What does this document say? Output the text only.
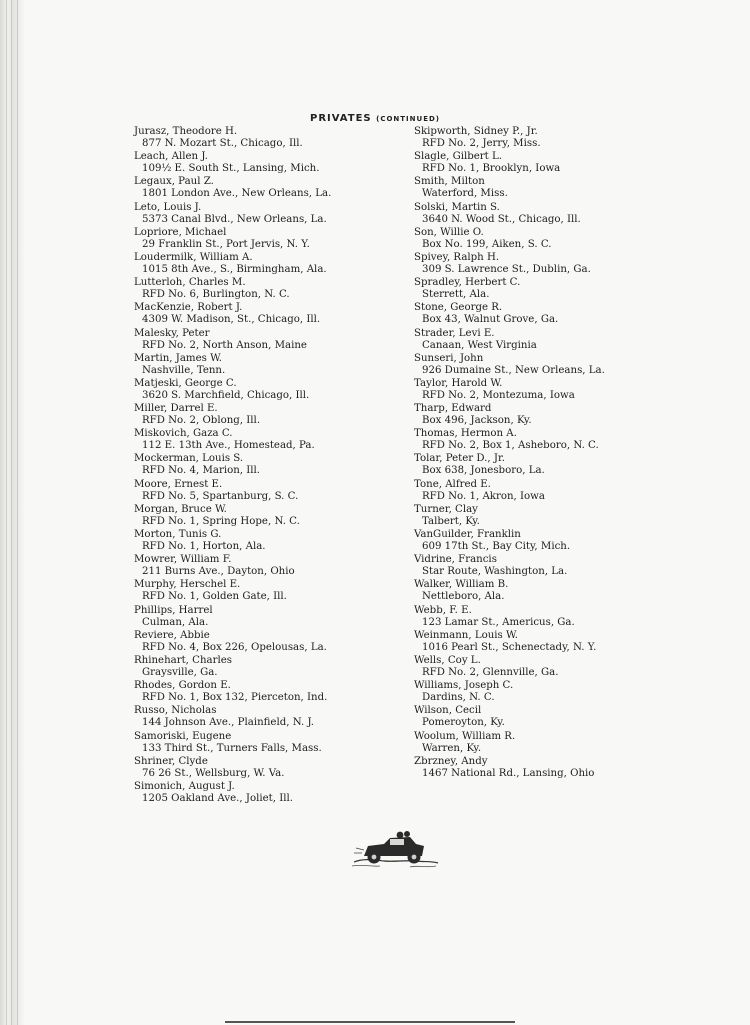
PRIVATES (CONTINUED)
Jurasz, Theodore H.
877 N. Mozart St., Chicago, Ill.
Leach, Allen J.
109½ E. South St., Lansing, Mich.
Legaux, Paul Z.
1801 London Ave., New Orleans, La.
Leto, Louis J.
5373 Canal Blvd., New Orleans, La.
Lopriore, Michael
29 Franklin St., Port Jervis, N. Y.
Loudermilk, William A.
1015 8th Ave., S., Birmingham, Ala.
Lutterloh, Charles M.
RFD No. 6, Burlington, N. C.
MacKenzie, Robert J.
4309 W. Madison, St., Chicago, Ill.
Malesky, Peter
RFD No. 2, North Anson, Maine
Martin, James W.
Nashville, Tenn.
Matjeski, George C.
3620 S. Marchfield, Chicago, Ill.
Miller, Darrel E.
RFD No. 2, Oblong, Ill.
Miskovich, Gaza C.
112 E. 13th Ave., Homestead, Pa.
Mockerman, Louis S.
RFD No. 4, Marion, Ill.
Moore, Ernest E.
RFD No. 5, Spartanburg, S. C.
Morgan, Bruce W.
RFD No. 1, Spring Hope, N. C.
Morton, Tunis G.
RFD No. 1, Horton, Ala.
Mowrer, William F.
211 Burns Ave., Dayton, Ohio
Murphy, Herschel E.
RFD No. 1, Golden Gate, Ill.
Phillips, Harrel
Culman, Ala.
Reviere, Abbie
RFD No. 4, Box 226, Opelousas, La.
Rhinehart, Charles
Graysville, Ga.
Rhodes, Gordon E.
RFD No. 1, Box 132, Pierceton, Ind.
Russo, Nicholas
144 Johnson Ave., Plainfield, N. J.
Samoriski, Eugene
133 Third St., Turners Falls, Mass.
Shriner, Clyde
76 26 St., Wellsburg, W. Va.
Simonich, August J.
1205 Oakland Ave., Joliet, Ill.
Skipworth, Sidney P., Jr.
RFD No. 2, Jerry, Miss.
Slagle, Gilbert L.
RFD No. 1, Brooklyn, Iowa
Smith, Milton
Waterford, Miss.
Solski, Martin S.
3640 N. Wood St., Chicago, Ill.
Son, Willie O.
Box No. 199, Aiken, S. C.
Spivey, Ralph H.
309 S. Lawrence St., Dublin, Ga.
Spradley, Herbert C.
Sterrett, Ala.
Stone, George R.
Box 43, Walnut Grove, Ga.
Strader, Levi E.
Canaan, West Virginia
Sunseri, John
926 Dumaine St., New Orleans, La.
Taylor, Harold W.
RFD No. 2, Montezuma, Iowa
Tharp, Edward
Box 496, Jackson, Ky.
Thomas, Hermon A.
RFD No. 2, Box 1, Asheboro, N. C.
Tolar, Peter D., Jr.
Box 638, Jonesboro, La.
Tone, Alfred E.
RFD No. 1, Akron, Iowa
Turner, Clay
Talbert, Ky.
VanGuilder, Franklin
609 17th St., Bay City, Mich.
Vidrine, Francis
Star Route, Washington, La.
Walker, William B.
Nettleboro, Ala.
Webb, F. E.
123 Lamar St., Americus, Ga.
Weinmann, Louis W.
1016 Pearl St., Schenectady, N. Y.
Wells, Coy L.
RFD No. 2, Glennville, Ga.
Williams, Joseph C.
Dardins, N. C.
Wilson, Cecil
Pomeroyton, Ky.
Woolum, William R.
Warren, Ky.
Zbrzney, Andy
1467 National Rd., Lansing, Ohio
